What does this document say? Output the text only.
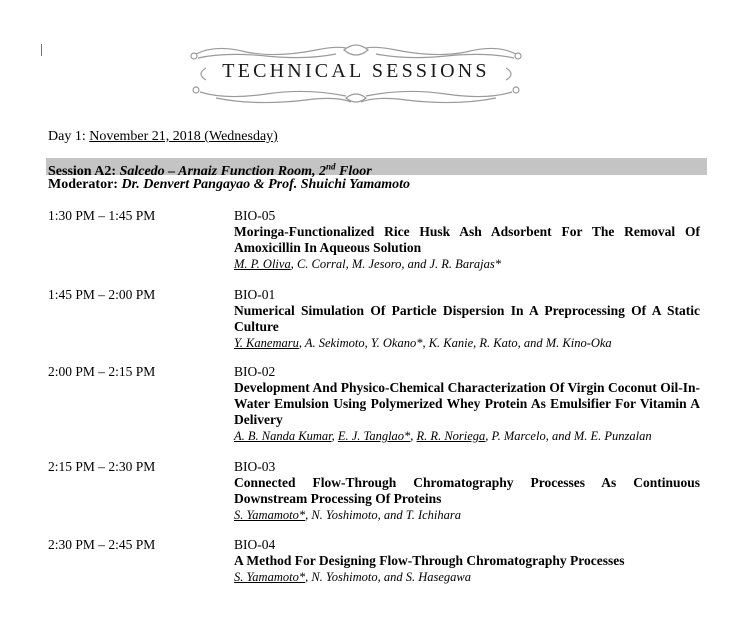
TECHNICAL SESSIONS
Day 1: November 21, 2018 (Wednesday)
Session A2: Salcedo – Arnaiz Function Room, 2nd Floor
Moderator: Dr. Denvert Pangayao & Prof. Shuichi Yamamoto
1:30 PM – 1:45 PM	BIO-05
Moringa-Functionalized Rice Husk Ash Adsorbent For The Removal Of Amoxicillin In Aqueous Solution
M. P. Oliva, C. Corral, M. Jesoro, and J. R. Barajas*
1:45 PM – 2:00 PM	BIO-01
Numerical Simulation Of Particle Dispersion In A Preprocessing Of A Static Culture
Y. Kanemaru, A. Sekimoto, Y. Okano*, K. Kanie, R. Kato, and M. Kino-Oka
2:00 PM – 2:15 PM	BIO-02
Development And Physico-Chemical Characterization Of Virgin Coconut Oil-In-Water Emulsion Using Polymerized Whey Protein As Emulsifier For Vitamin A Delivery
A. B. Nanda Kumar, E. J. Tanglao*, R. R. Noriega, P. Marcelo, and M. E. Punzalan
2:15 PM – 2:30 PM	BIO-03
Connected Flow-Through Chromatography Processes As Continuous Downstream Processing Of Proteins
S. Yamamoto*, N. Yoshimoto, and T. Ichihara
2:30 PM – 2:45 PM	BIO-04
A Method For Designing Flow-Through Chromatography Processes
S. Yamamoto*, N. Yoshimoto, and S. Hasegawa
